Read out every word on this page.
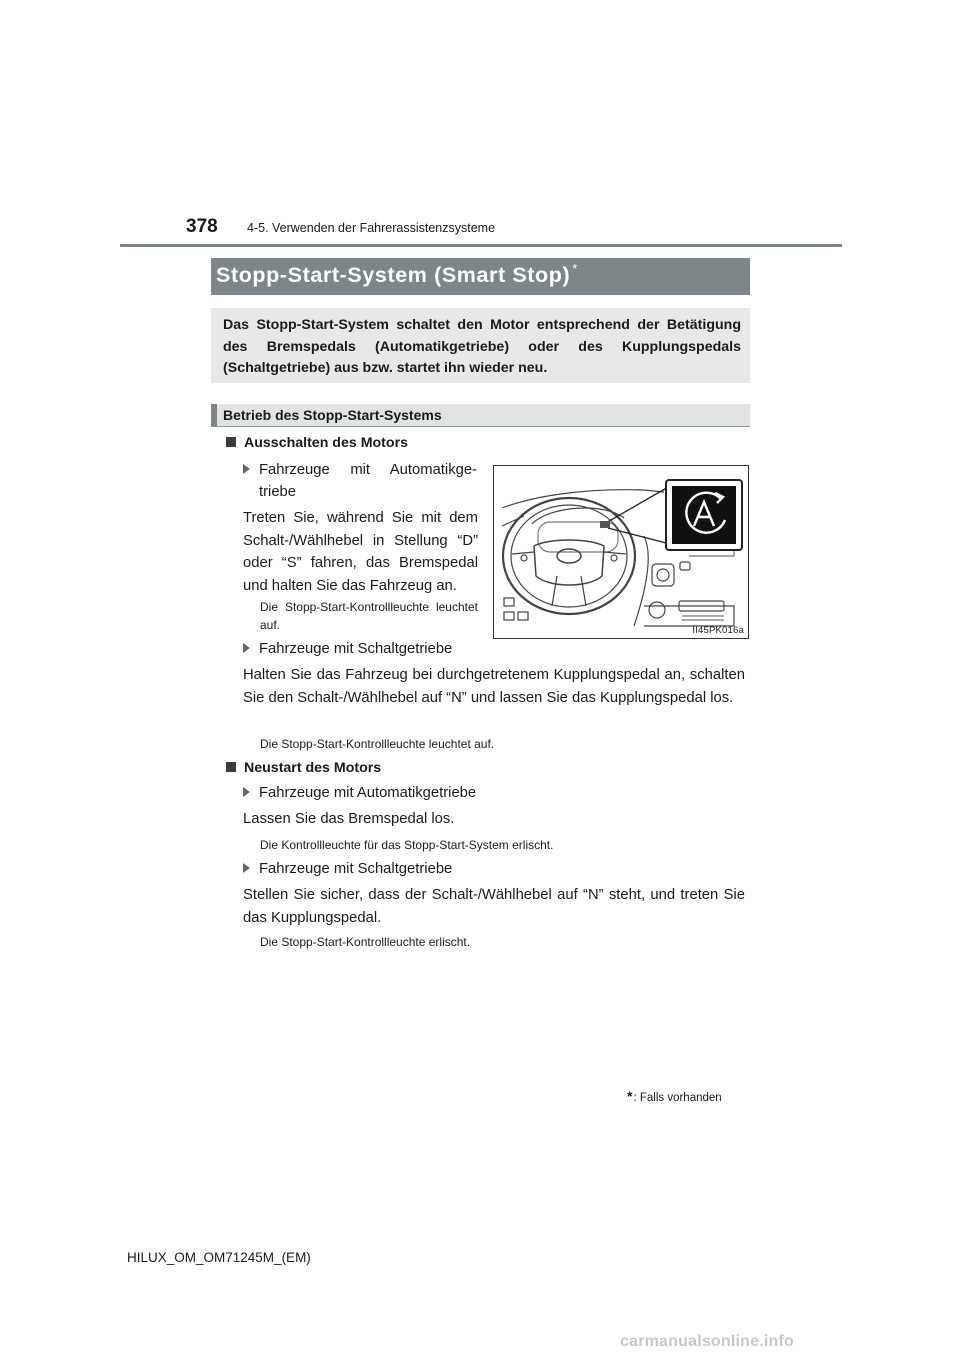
378 4-5. Verwenden der Fahrerassistenzsysteme
Stopp-Start-System (Smart Stop) *

Das Stopp-Start-System schaltet den Motor entsprechend der Betätigung des Bremspedals (Automatikgetriebe) oder des Kupplungspedals (Schaltgetriebe) aus bzw. startet ihn wieder neu.

Betrieb des Stopp-Start-Systems
Ausschalten des Motors
Fahrzeuge mit Automatikge-
triebe

Treten Sie, während Sie mit dem Schalt-/Wählhebel in Stellung “D” oder “S” fahren, das Bremspedal und halten Sie das Fahrzeug an.

Die Stopp-Start-Kontrollleuchte leuchtet auf.	II45PK016a
Fahrzeuge mit Schaltgetriebe

Halten Sie das Fahrzeug bei durchgetretenem Kupplungspedal an, schalten Sie den Schalt-/Wählhebel auf “N” und lassen Sie das Kupplungspedal los.

Die Stopp-Start-Kontrollleuchte leuchtet auf.

Neustart des Motors
Fahrzeuge mit Automatikgetriebe

Lassen Sie das Bremspedal los.

Die Kontrollleuchte für das Stopp-Start-System erlischt.

Fahrzeuge mit Schaltgetriebe

Stellen Sie sicher, dass der Schalt-/Wählhebel auf “N” steht, und treten Sie das Kupplungspedal.

Die Stopp-Start-Kontrollleuchte erlischt.

*: Falls vorhanden
HILUX_OM_OM71245M_(EM)
carmanualsonline.info
